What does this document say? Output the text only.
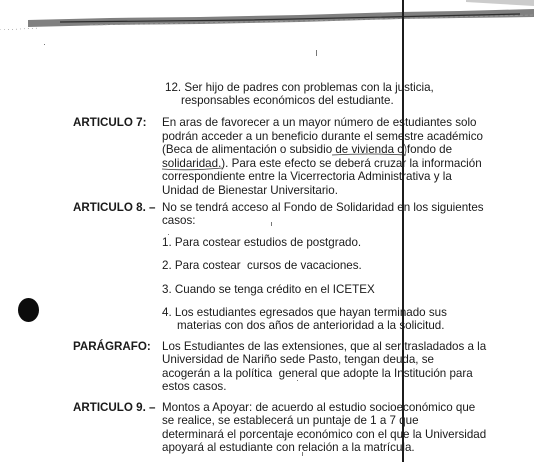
12. Ser hijo de padres con problemas con la justicia,
responsables económicos del estudiante.
ARTICULO 7: En aras de favorecer a un mayor número de estudiantes solo
podrán acceder a un beneficio durante el semestre académico
(Beca de alimentación o subsidio de vivienda o fondo de
solidaridad.). Para este efecto se deberá cruzar la información
correspondiente entre la Vicerrectoria Administrativa y la
Unidad de Bienestar Universitario.
ARTICULO 8. – No se tendrá acceso al Fondo de Solidaridad en los siguientes
casos:
1. Para costear estudios de postgrado.
2. Para costear  cursos de vacaciones.
3. Cuando se tenga crédito en el ICETEX
4. Los estudiantes egresados que hayan terminado sus
materias con dos años de anterioridad a la solicitud.
PARÁGRAFO: Los Estudiantes de las extensiones, que al ser trasladados a la
Universidad de Nariño sede Pasto, tengan deuda, se
acogerán a la política  general que adopte la Institución para
estos casos.
ARTICULO 9. – Montos a Apoyar: de acuerdo al estudio socioeconómico que
se realice, se establecerá un puntaje de 1 a 7 que
determinará el porcentaje económico con el que la Universidad
apoyará al estudiante con relación a la matrícula.
